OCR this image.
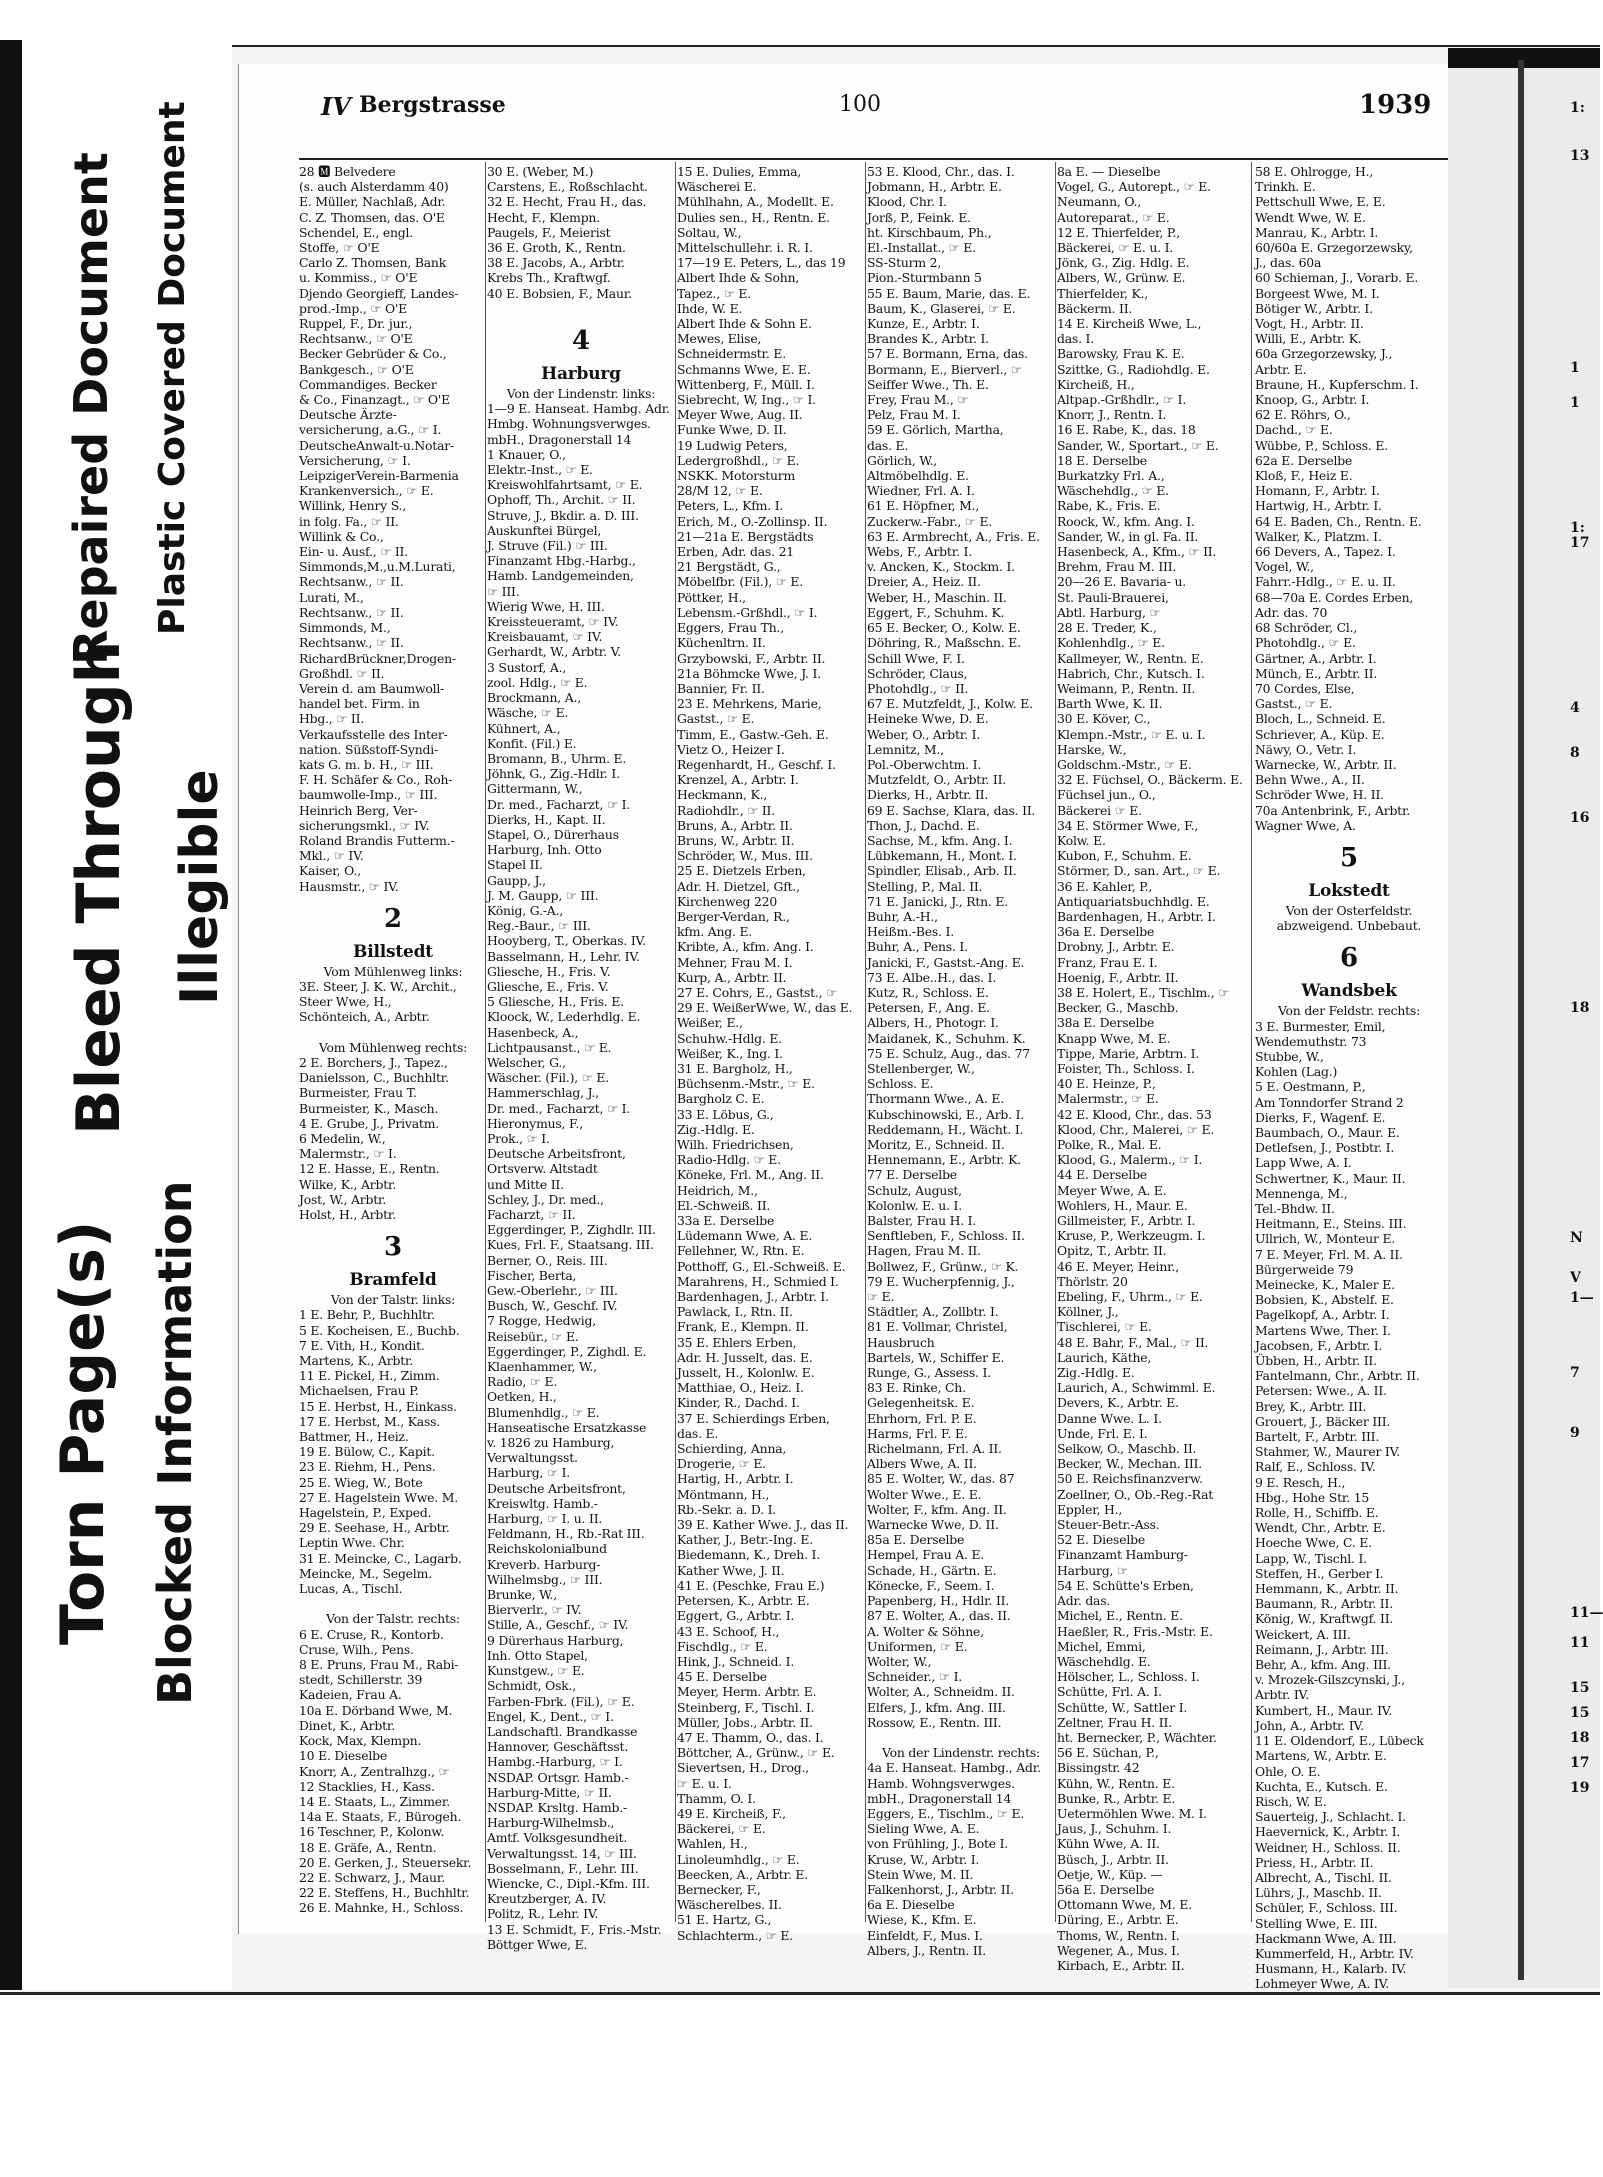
Repaired Document Plastic Covered Document
Bleed Through Illegible
Torn Page(s) Blocked Information
IV Bergstrasse	100	1939
28 🅼 Belvedere
(s. auch Alsterdamm 40)
E. Müller, Nachlaß, Adr.
C. Z. Thomsen, das. O'E
Schendel, E., engl.
Stoffe, ☞ O'E
Carlo Z. Thomsen, Bank
u. Kommiss., ☞ O'E
Djendo Georgieff, Landes-
prod.-Imp., ☞ O'E
Ruppel, F., Dr. jur.,
Rechtsanw., ☞ O'E
Becker Gebrüder & Co.,
Bankgesch., ☞ O'E
Commandiges. Becker
& Co., Finanzagt., ☞ O'E
Deutsche Ärzte-
versicherung, a.G., ☞ I.
DeutscheAnwalt-u.Notar-
Versicherung, ☞ I.
LeipzigerVerein-Barmenia
Krankenversich., ☞ E.
Willink, Henry S.,
in folg. Fa., ☞ II.
Willink & Co.,
Ein- u. Ausf., ☞ II.
Simmonds,M.,u.M.Lurati,
Rechtsanw., ☞ II.
Lurati, M.,
Rechtsanw., ☞ II.
Simmonds, M.,
Rechtsanw., ☞ II.
RichardBrückner,Drogen-
Großhdl. ☞ II.
Verein d. am Baumwoll-
handel bet. Firm. in
Hbg., ☞ II.
Verkaufsstelle des Inter-
nation. Süßstoff-Syndi-
kats G. m. b. H., ☞ III.
F. H. Schäfer & Co., Roh-
baumwolle-Imp., ☞ III.
Heinrich Berg, Ver-
sicherungsmkl., ☞ IV.
Roland Brandis Futterm.-
Mkl., ☞ IV.
Kaiser, O.,
Hausmstr., ☞ IV.
2
Billstedt
Vom Mühlenweg links:
3E. Steer, J. K. W., Archit.,
Steer Wwe, H.,
Schönteich, A., Arbtr.

Vom Mühlenweg rechts:
2 E. Borchers, J., Tapez.,
Danielsson, C., Buchhltr.
Burmeister, Frau T.
Burmeister, K., Masch.
4 E. Grube, J., Privatm.
6 Medelin, W.,
Malermstr., ☞ I.
12 E. Hasse, E., Rentn.
Wilke, K., Arbtr.
Jost, W., Arbtr.
Holst, H., Arbtr.
3
Bramfeld
Von der Talstr. links:
1 E. Behr, P., Buchhltr.
5 E. Kocheisen, E., Buchb.
7 E. Vith, H., Kondit.
Martens, K., Arbtr.
11 E. Pickel, H., Zimm.
Michaelsen, Frau P.
15 E. Herbst, H., Einkass.
17 E. Herbst, M., Kass.
Battmer, H., Heiz.
19 E. Bülow, C., Kapit.
23 E. Riehm, H., Pens.
25 E. Wieg, W., Bote
27 E. Hagelstein Wwe. M.
Hagelstein, P., Exped.
29 E. Seehase, H., Arbtr.
Leptin Wwe. Chr.
31 E. Meincke, C., Lagarb.
Meincke, M., Segelm.
Lucas, A., Tischl.

Von der Talstr. rechts:
6 E. Cruse, R., Kontorb.
Cruse, Wilh., Pens.
8 E. Pruns, Frau M., Rabi-
stedt, Schillerstr. 39
Kadeien, Frau A.
10a E. Dörband Wwe, M.
Dinet, K., Arbtr.
Kock, Max, Klempn.
10 E. Dieselbe
Knorr, A., Zentralhzg., ☞
12 Stacklies, H., Kass.
14 E. Staats, L., Zimmer.
14a E. Staats, F., Bürogeh.
16 Teschner, P., Kolonw.
18 E. Gräfe, A., Rentn.
20 E. Gerken, J., Steuersekr.
22 E. Schwarz, J., Maur.
22 E. Steffens, H., Buchhltr.
26 E. Mahnke, H., Schloss.
30 E. (Weber, M.)
Carstens, E., Roßschlacht.
32 E. Hecht, Frau H., das.
Hecht, F., Klempn.
Paugels, F., Meierist
36 E. Groth, K., Rentn.
38 E. Jacobs, A., Arbtr.
Krebs Th., Kraftwgf.
40 E. Bobsien, F., Maur.

4
Harburg
Von der Lindenstr. links:
1—9 E. Hanseat. Hambg. Adr.
Hmbg. Wohnungsverwges.
mbH., Dragonerstall 14
1 Knauer, O.,
Elektr.-Inst., ☞ E.
Kreiswohlfahrtsamt, ☞ E.
Ophoff, Th., Archit. ☞ II.
Struve, J., Bkdir. a. D. III.
Auskunftei Bürgel,
J. Struve (Fil.) ☞ III.
Finanzamt Hbg.-Harbg.,
Hamb. Landgemeinden,
☞ III.
Wierig Wwe, H. III.
Kreissteueramt, ☞ IV.
Kreisbauamt, ☞ IV.
Gerhardt, W., Arbtr. V.
3 Sustorf, A.,
zool. Hdlg., ☞ E.
Brockmann, A.,
Wäsche, ☞ E.
Kühnert, A.,
Konfit. (Fil.) E.
Bromann, B., Uhrm. E.
Jöhnk, G., Zig.-Hdlr. I.
Gittermann, W.,
Dr. med., Facharzt, ☞ I.
Dierks, H., Kapt. II.
Stapel, O., Dürerhaus
Harburg, Inh. Otto
Stapel II.
Gaupp, J.,
J. M. Gaupp, ☞ III.
König, G.-A.,
Reg.-Baur., ☞ III.
Hooyberg, T., Oberkas. IV.
Basselmann, H., Lehr. IV.
Gliesche, H., Fris. V.
Gliesche, E., Fris. V.
5 Gliesche, H., Fris. E.
Kloock, W., Lederhdlg. E.
Hasenbeck, A.,
Lichtpausanst., ☞ E.
Welscher, G.,
Wäscher. (Fil.), ☞ E.
Hammerschlag, J.,
Dr. med., Facharzt, ☞ I.
Hieronymus, F.,
Prok., ☞ I.
Deutsche Arbeitsfront,
Ortsverw. Altstadt
und Mitte II.
Schley, J., Dr. med.,
Facharzt, ☞ II.
Eggerdinger, P., Zighdlr. III.
Kues, Frl. F., Staatsang. III.
Berner, O., Reis. III.
Fischer, Berta,
Gew.-Oberlehr., ☞ III.
Busch, W., Geschf. IV.
7 Rogge, Hedwig,
Reisebür., ☞ E.
Eggerdinger, P., Zighdl. E.
Klaenhammer, W.,
Radio, ☞ E.
Oetken, H.,
Blumenhdlg., ☞ E.
Hanseatische Ersatzkasse
v. 1826 zu Hamburg,
Verwaltungsst.
Harburg, ☞ I.
Deutsche Arbeitsfront,
Kreiswltg. Hamb.-
Harburg, ☞ I. u. II.
Feldmann, H., Rb.-Rat III.
Reichskolonialbund
Kreverb. Harburg-
Wilhelmsbg., ☞ III.
Brunke, W.,
Bierverlr., ☞ IV.
Stille, A., Geschf., ☞ IV.
9 Dürerhaus Harburg,
Inh. Otto Stapel,
Kunstgew., ☞ E.
Schmidt, Osk.,
Farben-Fbrk. (Fil.), ☞ E.
Engel, K., Dent., ☞ I.
Landschaftl. Brandkasse
Hannover, Geschäftsst.
Hambg.-Harburg, ☞ I.
NSDAP. Ortsgr. Hamb.-
Harburg-Mitte, ☞ II.
NSDAP. Krsltg. Hamb.-
Harburg-Wilhelmsb.,
Amtf. Volksgesundheit.
Verwaltungsst. 14, ☞ III.
Bosselmann, F., Lehr. III.
Wiencke, C., Dipl.-Kfm. III.
Kreutzberger, A. IV.
Politz, R., Lehr. IV.
13 E. Schmidt, F., Fris.-Mstr.
Böttger Wwe, E.
15 E. Dulies, Emma,
Wäscherei E.
Mühlhahn, A., Modellt. E.
Dulies sen., H., Rentn. E.
Soltau, W.,
Mittelschullehr. i. R. I.
17—19 E. Peters, L., das 19
Albert Ihde & Sohn,
Tapez., ☞ E.
Ihde, W. E.
Albert Ihde & Sohn E.
Mewes, Elise,
Schneidermstr. E.
Schmanns Wwe, E. E.
Wittenberg, F., Müll. I.
Siebrecht, W, Ing., ☞ I.
Meyer Wwe, Aug. II.
Funke Wwe, D. II.
19 Ludwig Peters,
Ledergroßhdl., ☞ E.
NSKK. Motorsturm
28/M 12, ☞ E.
Peters, L., Kfm. I.
Erich, M., O.-Zollinsp. II.
21—21a E. Bergstädts
Erben, Adr. das. 21
21 Bergstädt, G.,
Möbelfbr. (Fil.), ☞ E.
Pöttker, H.,
Lebensm.-Grßhdl., ☞ I.
Eggers, Frau Th.,
Küchenltrn. II.
Grzybowski, F., Arbtr. II.
21a Böhmcke Wwe, J. I.
Bannier, Fr. II.
23 E. Mehrkens, Marie,
Gastst., ☞ E.
Timm, E., Gastw.-Geh. E.
Vietz O., Heizer I.
Regenhardt, H., Geschf. I.
Krenzel, A., Arbtr. I.
Heckmann, K.,
Radiohdlr., ☞ II.
Bruns, A., Arbtr. II.
Bruns, W., Arbtr. II.
Schröder, W., Mus. III.
25 E. Dietzels Erben,
Adr. H. Dietzel, Gft.,
Kirchenweg 220
Berger-Verdan, R.,
kfm. Ang. E.
Kribte, A., kfm. Ang. I.
Mehner, Frau M. I.
Kurp, A., Arbtr. II.
27 E. Cohrs, E., Gastst., ☞
29 E. WeißerWwe, W., das E.
Weißer, E.,
Schuhw.-Hdlg. E.
Weißer, K., Ing. I.
31 E. Bargholz, H.,
Büchsenm.-Mstr., ☞ E.
Bargholz C. E.
33 E. Löbus, G.,
Zig.-Hdlg. E.
Wilh. Friedrichsen,
Radio-Hdlg. ☞ E.
Köneke, Frl. M., Ang. II.
Heidrich, M.,
El.-Schweiß. II.
33a E. Derselbe
Lüdemann Wwe, A. E.
Fellehner, W., Rtn. E.
Potthoff, G., El.-Schweiß. E.
Marahrens, H., Schmied I.
Bardenhagen, J., Arbtr. I.
Pawlack, I., Rtn. II.
Frank, E., Klempn. II.
35 E. Ehlers Erben,
Adr. H. Jusselt, das. E.
Jusselt, H., Kolonlw. E.
Matthiae, O., Heiz. I.
Kinder, R., Dachd. I.
37 E. Schierdings Erben,
das. E.
Schierding, Anna,
Drogerie, ☞ E.
Hartig, H., Arbtr. I.
Möntmann, H.,
Rb.-Sekr. a. D. I.
39 E. Kather Wwe. J., das II.
Kather, J., Betr.-Ing. E.
Biedemann, K., Dreh. I.
Kather Wwe, J. II.
41 E. (Peschke, Frau E.)
Petersen, K., Arbtr. E.
Eggert, G., Arbtr. I.
43 E. Schoof, H.,
Fischdlg., ☞ E.
Hink, J., Schneid. I.
45 E. Derselbe
Meyer, Herm. Arbtr. E.
Steinberg, F., Tischl. I.
Müller, Jobs., Arbtr. II.
47 E. Thamm, O., das. I.
Böttcher, A., Grünw., ☞ E.
Sievertsen, H., Drog.,
☞ E. u. I.
Thamm, O. I.
49 E. Kircheiß, F.,
Bäckerei, ☞ E.
Wahlen, H.,
Linoleumhdlg., ☞ E.
Beecken, A., Arbtr. E.
Bernecker, F.,
Wäscherelbes. II.
51 E. Hartz, G.,
Schlachterm., ☞ E.
53 E. Klood, Chr., das. I.
Jobmann, H., Arbtr. E.
Klood, Chr. I.
Jorß, P., Feink. E.
ht. Kirschbaum, Ph.,
El.-Installat., ☞ E.
SS-Sturm 2,
Pion.-Sturmbann 5
55 E. Baum, Marie, das. E.
Baum, K., Glaserei, ☞ E.
Kunze, E., Arbtr. I.
Brandes K., Arbtr. I.
57 E. Bormann, Erna, das.
Bormann, E., Bierverl., ☞
Seiffer Wwe., Th. E.
Frey, Frau M., ☞
Pelz, Frau M. I.
59 E. Görlich, Martha,
das. E.
Görlich, W.,
Altmöbelhdlg. E.
Wiedner, Frl. A. I.
61 E. Höpfner, M.,
Zuckerw.-Fabr., ☞ E.
63 E. Armbrecht, A., Fris. E.
Webs, F., Arbtr. I.
v. Ancken, K., Stockm. I.
Dreier, A., Heiz. II.
Weber, H., Maschin. II.
Eggert, F., Schuhm. K.
65 E. Becker, O., Kolw. E.
Döhring, R., Maßschn. E.
Schill Wwe, F. I.
Schröder, Claus,
Photohdlg., ☞ II.
67 E. Mutzfeldt, J., Kolw. E.
Heineke Wwe, D. E.
Weber, O., Arbtr. I.
Lemnitz, M.,
Pol.-Oberwchtm. I.
Mutzfeldt, O., Arbtr. II.
Dierks, H., Arbtr. II.
69 E. Sachse, Klara, das. II.
Thon, J., Dachd. E.
Sachse, M., kfm. Ang. I.
Lübkemann, H., Mont. I.
Spindler, Elisab., Arb. II.
Stelling, P., Mal. II.
71 E. Janicki, J., Rtn. E.
Buhr, A.-H.,
Heißm.-Bes. I.
Buhr, A., Pens. I.
Janicki, F., Gastst.-Ang. E.
73 E. Albe..H., das. I.
Kutz, R., Schloss. E.
Petersen, F., Ang. E.
Albers, H., Photogr. I.
Maidanek, K., Schuhm. K.
75 E. Schulz, Aug., das. 77
Stellenberger, W.,
Schloss. E.
Thormann Wwe., A. E.
Kubschinowski, E., Arb. I.
Reddemann, H., Wächt. I.
Moritz, E., Schneid. II.
Hennemann, E., Arbtr. K.
77 E. Derselbe
Schulz, August,
Kolonlw. E. u. I.
Balster, Frau H. I.
Senftleben, F., Schloss. II.
Hagen, Frau M. II.
Bollwez, F., Grünw., ☞ K.
79 E. Wucherpfennig, J.,
☞ E.
Städtler, A., Zollbtr. I.
81 E. Vollmar, Christel,
Hausbruch
Bartels, W., Schiffer E.
Runge, G., Assess. I.
83 E. Rinke, Ch.
Gelegenheitsk. E.
Ehrhorn, Frl. P. E.
Harms, Frl. F. E.
Richelmann, Frl. A. II.
Albers Wwe, A. II.
85 E. Wolter, W., das. 87
Wolter Wwe., E. E.
Wolter, F., kfm. Ang. II.
Warnecke Wwe, D. II.
85a E. Derselbe
Hempel, Frau A. E.
Schade, H., Gärtn. E.
Könecke, F., Seem. I.
Papenberg, H., Hdlr. II.
87 E. Wolter, A., das. II.
A. Wolter & Söhne,
Uniformen, ☞ E.
Wolter, W.,
Schneider., ☞ I.
Wolter, A., Schneidm. II.
Elfers, J., kfm. Ang. III.
Rossow, E., Rentn. III.

Von der Lindenstr. rechts:
4a E. Hanseat. Hambg., Adr.
Hamb. Wohngsverwges.
mbH., Dragonerstall 14
Eggers, E., Tischlm., ☞ E.
Sieling Wwe, A. E.
von Frühling, J., Bote I.
Kruse, W., Arbtr. I.
Stein Wwe, M. II.
Falkenhorst, J., Arbtr. II.
6a E. Dieselbe
Wiese, K., Kfm. E.
Einfeldt, F., Mus. I.
Albers, J., Rentn. II.
8a E. — Dieselbe
Vogel, G., Autorept., ☞ E.
Neumann, O.,
Autoreparat., ☞ E.
12 E. Thierfelder, P.,
Bäckerei, ☞ E. u. I.
Jönk, G., Zig. Hdlg. E.
Albers, W., Grünw. E.
Thierfelder, K.,
Bäckerm. II.
14 E. Kircheiß Wwe, L.,
das. I.
Barowsky, Frau K. E.
Szittke, G., Radiohdlg. E.
Kircheiß, H.,
Altpap.-Grßhdlr., ☞ I.
Knorr, J., Rentn. I.
16 E. Rabe, K., das. 18
Sander, W., Sportart., ☞ E.
18 E. Derselbe
Burkatzky Frl. A.,
Wäschehdlg., ☞ E.
Rabe, K., Fris. E.
Roock, W., kfm. Ang. I.
Sander, W., in gl. Fa. II.
Hasenbeck, A., Kfm., ☞ II.
Brehm, Frau M. III.
20—26 E. Bavaria- u.
St. Pauli-Brauerei,
Abtl. Harburg, ☞
28 E. Treder, K.,
Kohlenhdlg., ☞ E.
Kallmeyer, W., Rentn. E.
Habrich, Chr., Kutsch. I.
Weimann, P., Rentn. II.
Barth Wwe, K. II.
30 E. Köver, C.,
Klempn.-Mstr., ☞ E. u. I.
Harske, W.,
Goldschm.-Mstr., ☞ E.
32 E. Füchsel, O., Bäckerm. E.
Füchsel jun., O.,
Bäckerei ☞ E.
34 E. Störmer Wwe, F.,
Kolw. E.
Kubon, F., Schuhm. E.
Störmer, D., san. Art., ☞ E.
36 E. Kahler, P.,
Antiquariatsbuchhdlg. E.
Bardenhagen, H., Arbtr. I.
36a E. Derselbe
Drobny, J., Arbtr. E.
Franz, Frau E. I.
Hoenig, F., Arbtr. II.
38 E. Holert, E., Tischlm., ☞
Becker, G., Maschb.
38a E. Derselbe
Knapp Wwe, M. E.
Tippe, Marie, Arbtrn. I.
Foister, Th., Schloss. I.
40 E. Heinze, P.,
Malermstr., ☞ E.
42 E. Klood, Chr., das. 53
Klood, Chr., Malerei, ☞ E.
Polke, R., Mal. E.
Klood, G., Malerm., ☞ I.
44 E. Derselbe
Meyer Wwe, A. E.
Wohlers, H., Maur. E.
Gillmeister, F., Arbtr. I.
Kruse, P., Werkzeugm. I.
Opitz, T., Arbtr. II.
46 E. Meyer, Heinr.,
Thörlstr. 20
Ebeling, F., Uhrm., ☞ E.
Köllner, J.,
Tischlerei, ☞ E.
48 E. Bahr, F., Mal., ☞ II.
Laurich, Käthe,
Zig.-Hdlg. E.
Laurich, A., Schwimml. E.
Devers, K., Arbtr. E.
Danne Wwe. L. I.
Unde, Frl. E. I.
Selkow, O., Maschb. II.
Becker, W., Mechan. III.
50 E. Reichsfinanzverw.
Zoellner, O., Ob.-Reg.-Rat
Eppler, H.,
Steuer-Betr.-Ass.
52 E. Dieselbe
Finanzamt Hamburg-
Harburg, ☞
54 E. Schütte's Erben,
Adr. das.
Michel, E., Rentn. E.
Haeßler, R., Fris.-Mstr. E.
Michel, Emmi,
Wäschehdlg. E.
Hölscher, L., Schloss. I.
Schütte, Frl. A. I.
Schütte, W., Sattler I.
Zeltner, Frau H. II.
ht. Bernecker, P., Wächter.
56 E. Süchan, P.,
Bissingstr. 42
Kühn, W., Rentn. E.
Bunke, R., Arbtr. E.
Uetermöhlen Wwe. M. I.
Jaus, J., Schuhm. I.
Kühn Wwe, A. II.
Büsch, J., Arbtr. II.
Oetje, W., Küp. —
56a E. Derselbe
Ottomann Wwe, M. E.
Düring, E., Arbtr. E.
Thoms, W., Rentn. I.
Wegener, A., Mus. I.
Kirbach, E., Arbtr. II.
58 E. Ohlrogge, H.,
Trinkh. E.
Pettschull Wwe, E. E.
Wendt Wwe, W. E.
Manrau, K., Arbtr. I.
60/60a E. Grzegorzewsky,
J., das. 60a
60 Schieman, J., Vorarb. E.
Borgeest Wwe, M. I.
Bötiger W., Arbtr. I.
Vogt, H., Arbtr. II.
Willi, E., Arbtr. K.
60a Grzegorzewsky, J.,
Arbtr. E.
Braune, H., Kupferschm. I.
Knoop, G., Arbtr. I.
62 E. Röhrs, O.,
Dachd., ☞ E.
Wübbe, P., Schloss. E.
62a E. Derselbe
Kloß, F., Heiz E.
Homann, F., Arbtr. I.
Hartwig, H., Arbtr. I.
64 E. Baden, Ch., Rentn. E.
Walker, K., Platzm. I.
66 Devers, A., Tapez. I.
Vogel, W.,
Fahrr.-Hdlg., ☞ E. u. II.
68—70a E. Cordes Erben,
Adr. das. 70
68 Schröder, Cl.,
Photohdlg., ☞ E.
Gärtner, A., Arbtr. I.
Münch, E., Arbtr. II.
70 Cordes, Else,
Gastst., ☞ E.
Bloch, L., Schneid. E.
Schriever, A., Küp. E.
Näwy, O., Vetr. I.
Warnecke, W., Arbtr. II.
Behn Wwe., A., II.
Schröder Wwe, H. II.
70a Antenbrink, F., Arbtr.
Wagner Wwe, A.
5
Lokstedt
Von der Osterfeldstr.
abzweigend. Unbebaut.
6
Wandsbek
Von der Feldstr. rechts:
3 E. Burmester, Emil,
Wendemuthstr. 73
Stubbe, W.,
Kohlen (Lag.)
5 E. Oestmann, P.,
Am Tonndorfer Strand 2
Dierks, F., Wagenf. E.
Baumbach, O., Maur. E.
Detlefsen, J., Postbtr. I.
Lapp Wwe, A. I.
Schwertner, K., Maur. II.
Mennenga, M.,
Tel.-Bhdw. II.
Heitmann, E., Steins. III.
Ullrich, W., Monteur E.
7 E. Meyer, Frl. M. A. II.
Bürgerweide 79
Meinecke, K., Maler E.
Bobsien, K., Abstelf. E.
Pagelkopf, A., Arbtr. I.
Martens Wwe, Ther. I.
Jacobsen, F., Arbtr. I.
Übben, H., Arbtr. II.
Fantelmann, Chr., Arbtr. II.
Petersen: Wwe., A. II.
Brey, K., Arbtr. III.
Grouert, J., Bäcker III.
Bartelt, F., Arbtr. III.
Stahmer, W., Maurer IV.
Ralf, E., Schloss. IV.
9 E. Resch, H.,
Hbg., Hohe Str. 15
Rolle, H., Schiffb. E.
Wendt, Chr., Arbtr. E.
Hoeche Wwe, C. E.
Lapp, W., Tischl. I.
Steffen, H., Gerber I.
Hemmann, K., Arbtr. II.
Baumann, R., Arbtr. II.
König, W., Kraftwgf. II.
Weickert, A. III.
Reimann, J., Arbtr. III.
Behr, A., kfm. Ang. III.
v. Mrozek-Gilszcynski, J.,
Arbtr. IV.
Kumbert, H., Maur. IV.
John, A., Arbtr. IV.
11 E. Oldendorf, E., Lübeck
Martens, W., Arbtr. E.
Ohle, O. E.
Kuchta, E., Kutsch. E.
Risch, W. E.
Sauerteig, J., Schlacht. I.
Haevernick, K., Arbtr. I.
Weidner, H., Schloss. II.
Priess, H., Arbtr. II.
Albrecht, A., Tischl. II.
Lührs, J., Maschb. II.
Schüler, F., Schloss. III.
Stelling Wwe, E. III.
Hackmann Wwe, A. III.
Kummerfeld, H., Arbtr. IV.
Husmann, H., Kalarb. IV.
Lohmeyer Wwe, A. IV.
1:
13
1
1
1:
17
4
8
16
18
N
V
1—
7
9
11—
11
15
15
18
17
19
